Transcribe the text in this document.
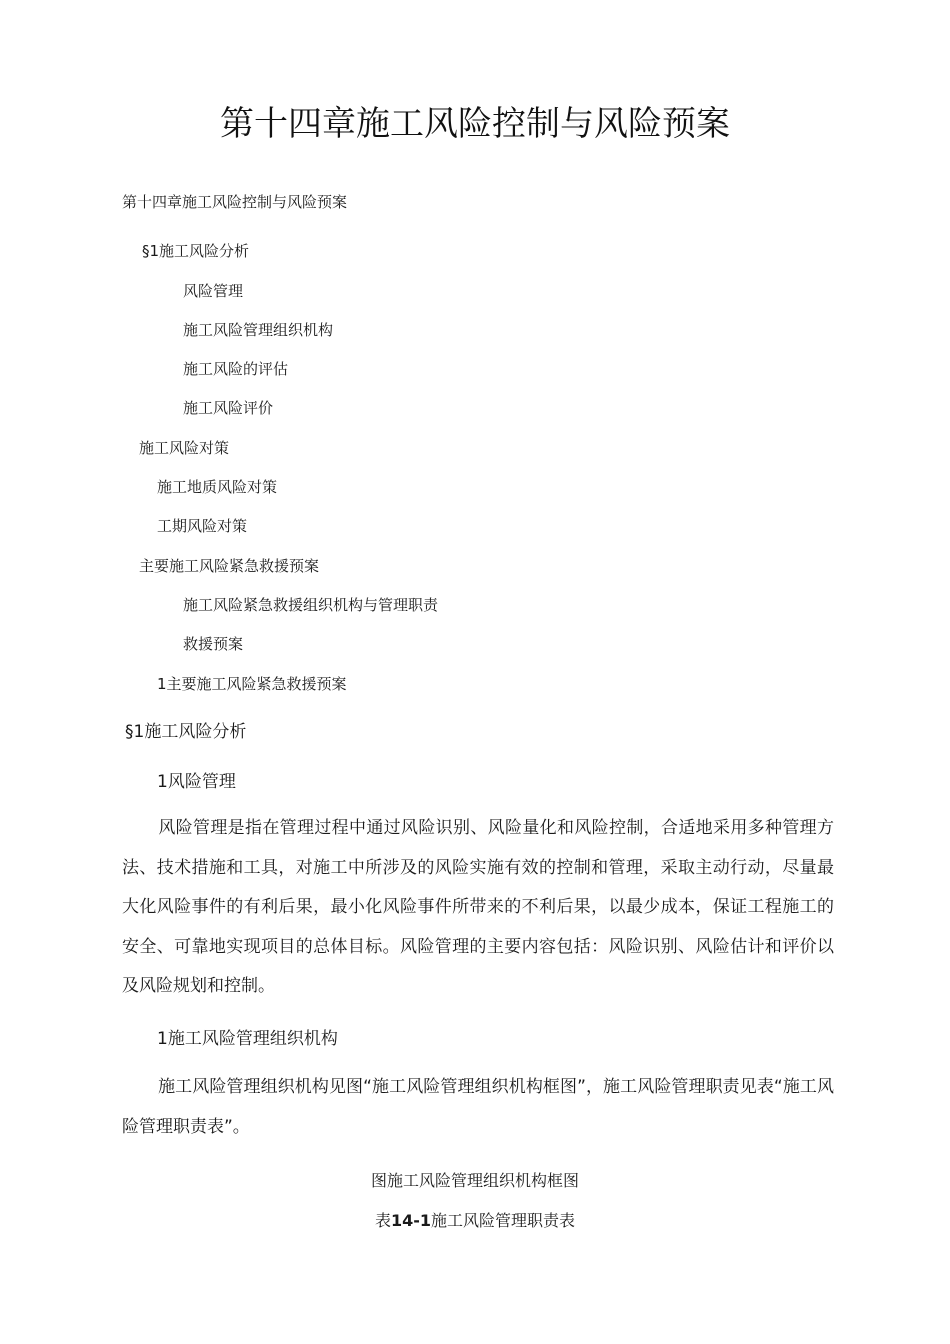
第十四章施工风险控制与风险预案
第十四章施工风险控制与风险预案
§1施工风险分析
风险管理
施工风险管理组织机构
施工风险的评估
施工风险评价
施工风险对策
施工地质风险对策
工期风险对策
主要施工风险紧急救援预案
施工风险紧急救援组织机构与管理职责
救援预案
1主要施工风险紧急救援预案
§1施工风险分析
1风险管理
风险管理是指在管理过程中通过风险识别、风险量化和风险控制，合适地采用多种管理方法、技术措施和工具，对施工中所涉及的风险实施有效的控制和管理，采取主动行动，尽量最大化风险事件的有利后果，最小化风险事件所带来的不利后果，以最少成本，保证工程施工的安全、可靠地实现项目的总体目标。风险管理的主要内容包括：风险识别、风险估计和评价以及风险规划和控制。
1施工风险管理组织机构
施工风险管理组织机构见图“施工风险管理组织机构框图”，施工风险管理职责见表“施工风险管理职责表”。
图施工风险管理组织机构框图
表14-1施工风险管理职责表
